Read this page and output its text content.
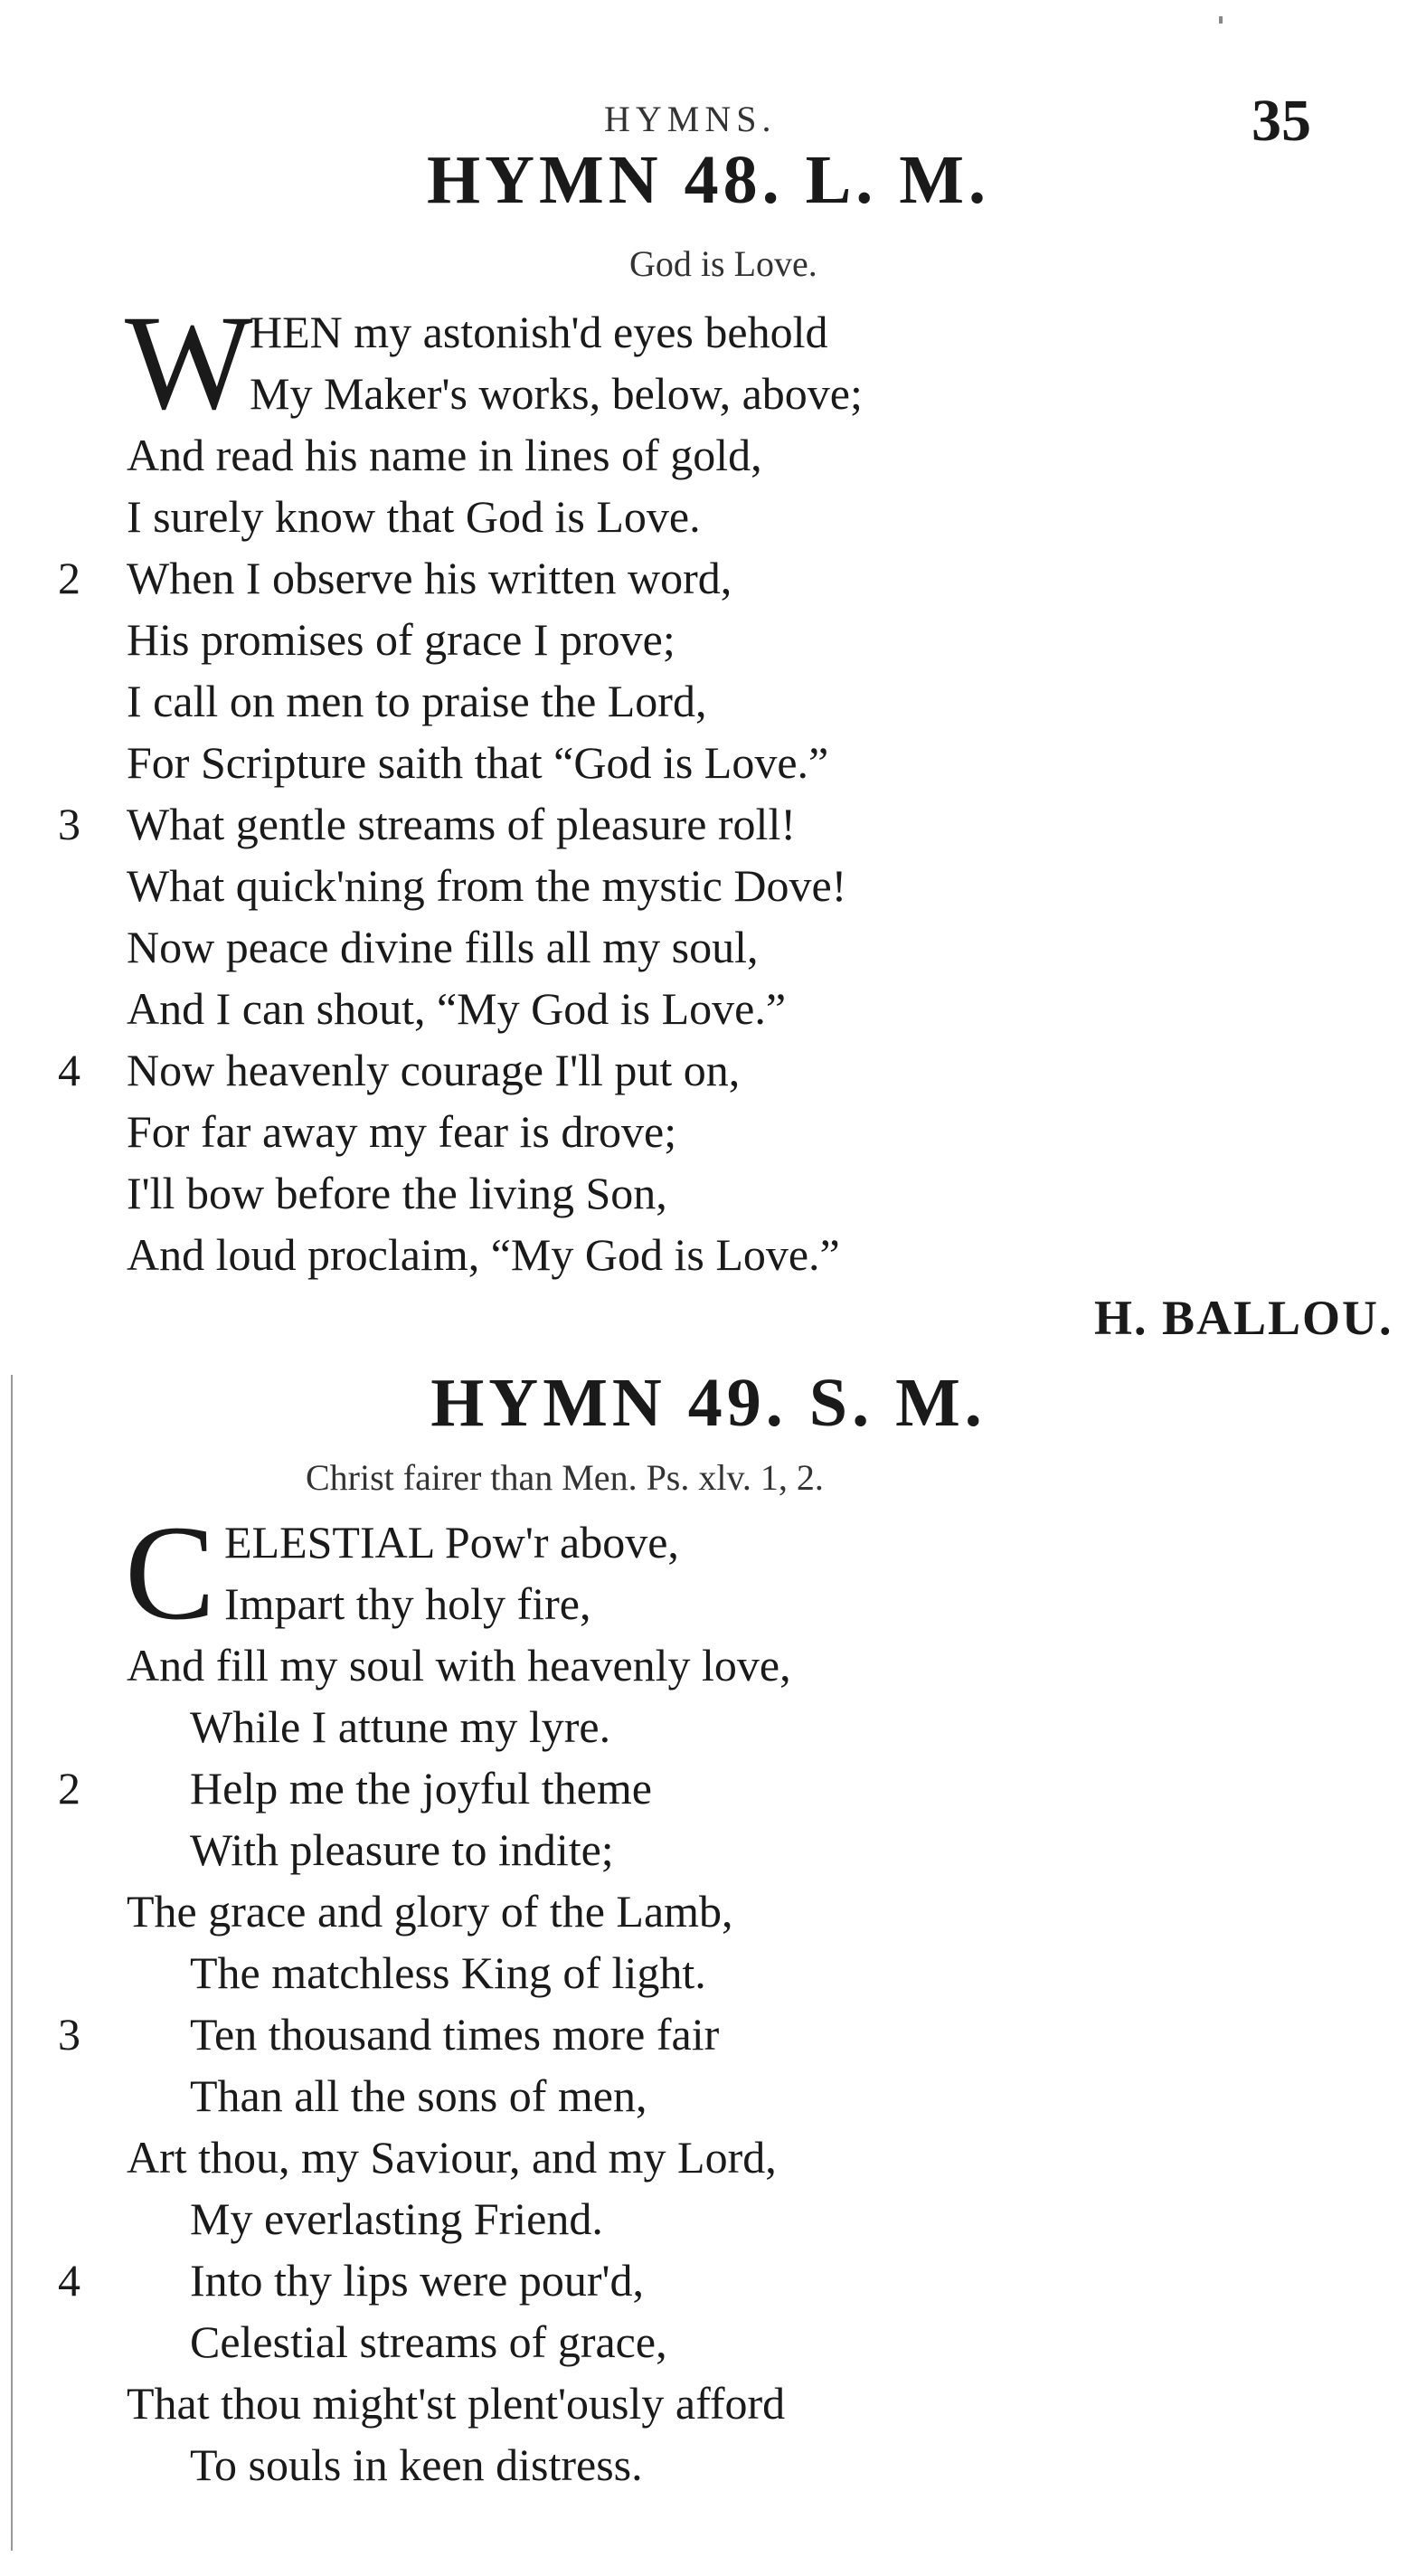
HYMNS.	35
HYMN 48. L. M.
God is Love.
W
HEN my astonish'd eyes behold
My Maker's works, below, above;
And read his name in lines of gold,
I surely know that God is Love.
2 When I observe his written word,
His promises of grace I prove;
I call on men to praise the Lord,
For Scripture saith that “God is Love.”
3 What gentle streams of pleasure roll!
What quick'ning from the mystic Dove!
Now peace divine fills all my soul,
And I can shout, “My God is Love.”
4 Now heavenly courage I'll put on,
For far away my fear is drove;
I'll bow before the living Son,
And loud proclaim, “My God is Love.”
H. BALLOU.
HYMN 49. S. M.
Christ fairer than Men. Ps. xlv. 1, 2.
C ELESTIAL Pow'r above,
Impart thy holy fire,
And fill my soul with heavenly love,
While I attune my lyre.
2 Help me the joyful theme
With pleasure to indite;
The grace and glory of the Lamb,
The matchless King of light.
3 Ten thousand times more fair
Than all the sons of men,
Art thou, my Saviour, and my Lord,
My everlasting Friend.
4 Into thy lips were pour'd,
Celestial streams of grace,
That thou might'st plent'ously afford
To souls in keen distress.
